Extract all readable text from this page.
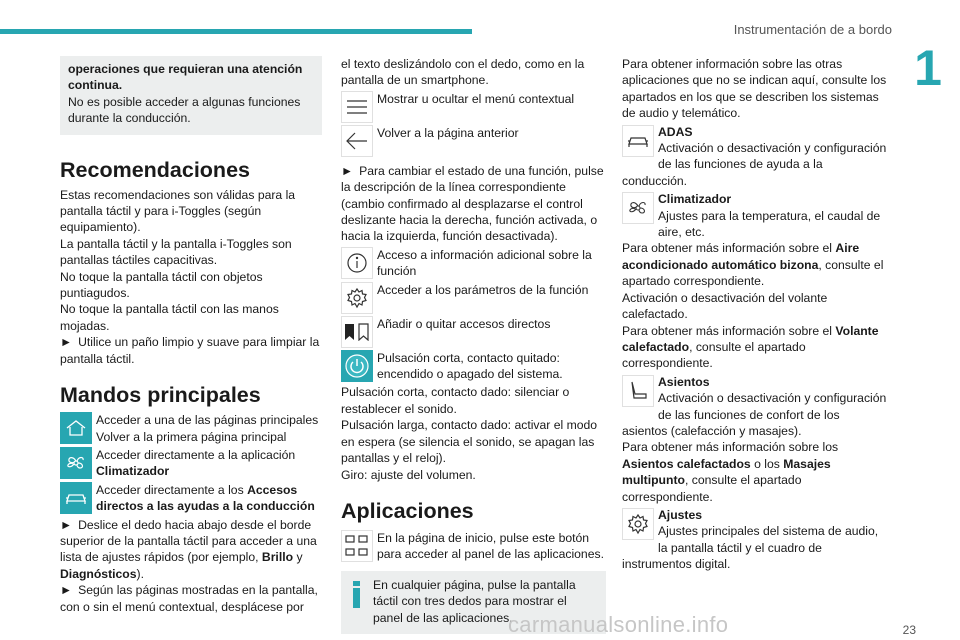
Instrumentación de a bordo
1

operaciones que requieran una atención continua.

No es posible acceder a algunas funciones durante la conducción.

Recomendaciones

Estas recomendaciones son válidas para la pantalla táctil y para i-Toggles (según equipamiento).

La pantalla táctil y la pantalla i-Toggles son pantallas táctiles capacitivas.

No toque la pantalla táctil con objetos puntiagudos.

No toque la pantalla táctil con las manos mojadas.

► Utilice un paño limpio y suave para limpiar la pantalla táctil.

Mandos principales

Acceder a una de las páginas principales

Volver a la primera página principal

Acceder directamente a la aplicación

Climatizador

Acceder directamente a los Accesos directos a las ayudas a la conducción

► Deslice el dedo hacia abajo desde el borde superior de la pantalla táctil para acceder a una lista de ajustes rápidos (por ejemplo, Brillo y Diagnósticos).

► Según las páginas mostradas en la pantalla, con o sin el menú contextual, desplácese por

el texto deslizándolo con el dedo, como en la pantalla de un smartphone.

Mostrar u ocultar el menú contextual
Volver a la página anterior

► Para cambiar el estado de una función, pulse la descripción de la línea correspondiente (cambio confirmado al desplazarse el control deslizante hacia la derecha, función activada, o hacia la izquierda, función desactivada).

Acceso a información adicional sobre la función
Acceder a los parámetros de la función
Añadir o quitar accesos directos
Pulsación corta, contacto quitado: encendido o apagado del sistema.

Pulsación corta, contacto dado: silenciar o restablecer el sonido.

Pulsación larga, contacto dado: activar el modo en espera (se silencia el sonido, se apagan las pantallas y el reloj).

Giro: ajuste del volumen.

Aplicaciones
En la página de inicio, pulse este botón para acceder al panel de las aplicaciones.
En cualquier página, pulse la pantalla táctil con tres dedos para mostrar el panel de las aplicaciones.

Para obtener información sobre las otras aplicaciones que no se indican aquí, consulte los apartados en los que se describen los sistemas de audio y telemático.

ADAS

Activación o desactivación y configuración de las funciones de ayuda a la conducción.

Climatizador

Ajustes para la temperatura, el caudal de aire, etc.

Para obtener más información sobre el Aire acondicionado automático bizona, consulte el apartado correspondiente.

Activación o desactivación del volante calefactado.

Para obtener más información sobre el Volante calefactado, consulte el apartado correspondiente.

Asientos

Activación o desactivación y configuración de las funciones de confort de los asientos (calefacción y masajes).

Para obtener más información sobre los Asientos calefactados o los Masajes multipunto, consulte el apartado correspondiente.

Ajustes

Ajustes principales del sistema de audio, la pantalla táctil y el cuadro de instrumentos digital.

carmanualsonline.info	23
